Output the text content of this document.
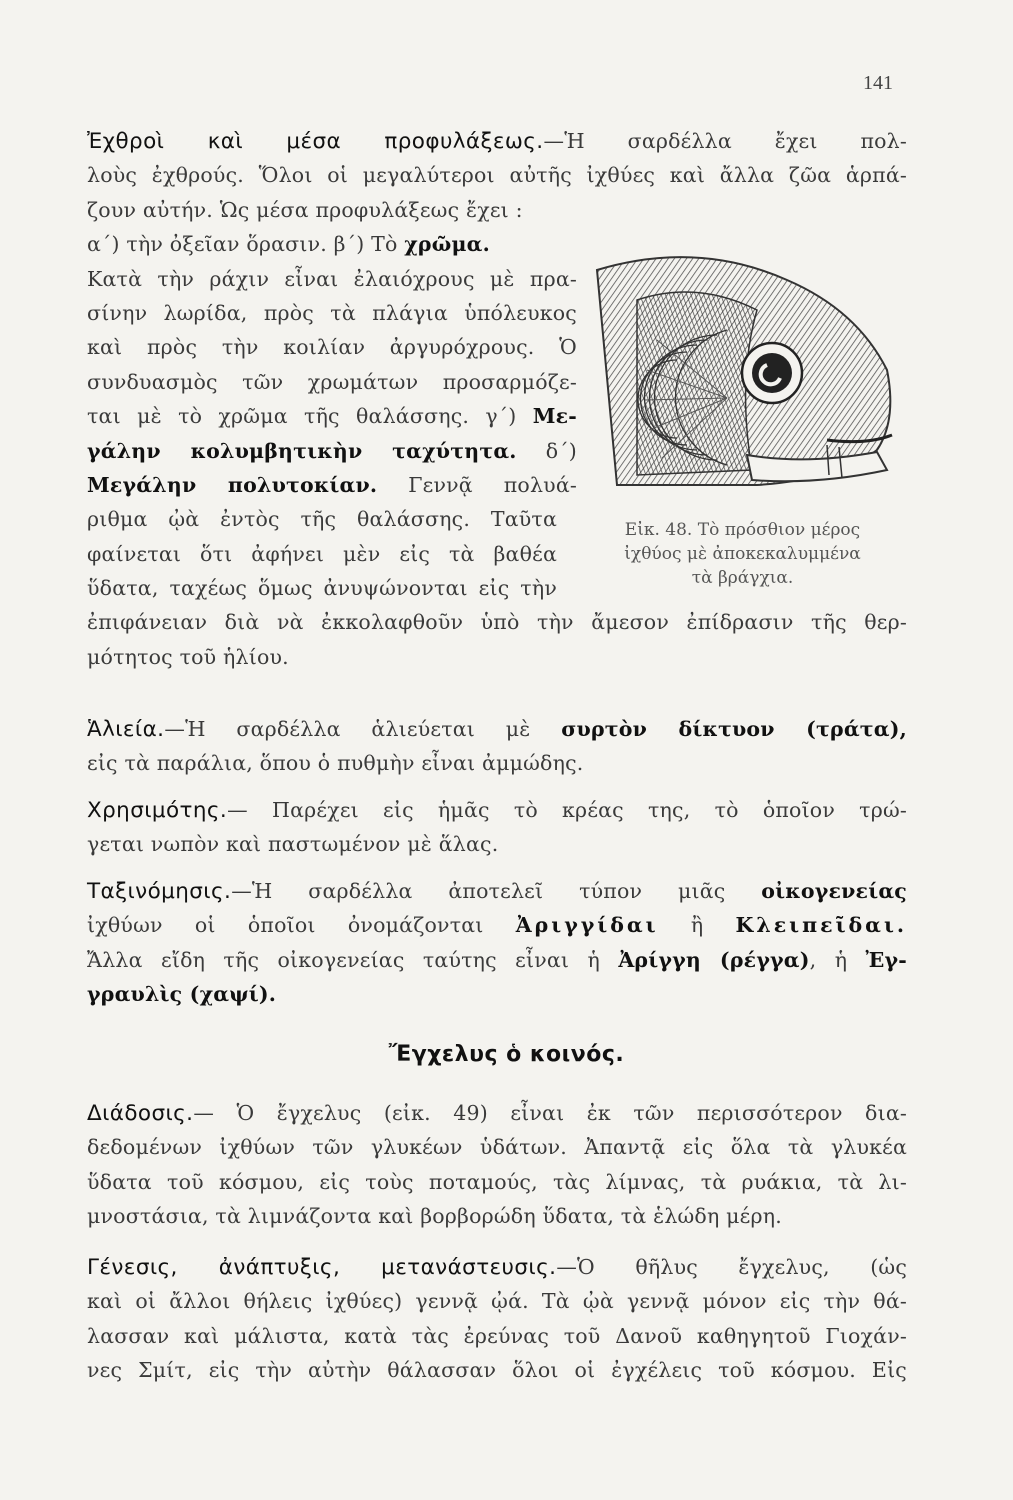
141
Ἐχθροὶ καὶ μέσα προφυλάξεως.—Ἡ σαρδέλλα ἔχει πολ-
λοὺς ἐχθρούς. Ὅλοι οἱ μεγαλύτεροι αὐτῆς ἰχθύες καὶ ἄλλα ζῶα ἁρπά-
ζουν αὐτήν. Ὡς μέσα προφυλάξεως ἔχει :
α΄) τὴν ὀξεῖαν ὅρασιν. β΄) Τὸ χρῶμα.
Κατὰ τὴν ράχιν εἶναι ἐλαιόχρους μὲ πρα-
σίνην λωρίδα, πρὸς τὰ πλάγια ὑπόλευκος
καὶ πρὸς τὴν κοιλίαν ἀργυρόχρους. Ὁ
συνδυασμὸς τῶν χρωμάτων προσαρμόζε-
ται μὲ τὸ χρῶμα τῆς θαλάσσης. γ΄) Με-
γάλην κολυμβητικὴν ταχύτητα. δ΄)
Μεγάλην πολυτοκίαν. Γεννᾷ πολυά-
ριθμα ᾠὰ ἐντὸς τῆς θαλάσσης. Ταῦτα
φαίνεται ὅτι ἀφήνει μὲν εἰς τὰ βαθέα
ὕδατα, ταχέως ὅμως ἀνυψώνονται εἰς τὴν
ἐπιφάνειαν διὰ νὰ ἐκκολαφθοῦν ὑπὸ τὴν ἄμεσον ἐπίδρασιν τῆς θερ-
μότητος τοῦ ἡλίου.
Εἰκ. 48. Τὸ πρόσθιον μέρος
ἰχθύος μὲ ἀποκεκαλυμμένα
τὰ βράγχια.
Ἁλιεία.—Ἡ σαρδέλλα ἁλιεύεται μὲ συρτὸν δίκτυον (τράτα),
εἰς τὰ παράλια, ὅπου ὁ πυθμὴν εἶναι ἀμμώδης.
Χρησιμότης.— Παρέχει εἰς ἡμᾶς τὸ κρέας της, τὸ ὁποῖον τρώ-
γεται νωπὸν καὶ παστωμένον μὲ ἅλας.
Ταξινόμησις.—Ἡ σαρδέλλα ἀποτελεῖ τύπον μιᾶς οἰκογενείας
ἰχθύων οἱ ὁποῖοι ὀνομάζονται Ἀριγγίδαι ἢ Κλειπεῖδαι.
Ἄλλα εἴδη τῆς οἰκογενείας ταύτης εἶναι ἡ Ἀρίγγη (ρέγγα), ἡ Ἐγ-
γραυλὶς (χαψί).
Ἔγχελυς ὁ κοινός.
Διάδοσις.— Ὁ ἔγχελυς (εἰκ. 49) εἶναι ἐκ τῶν περισσότερον δια-
δεδομένων ἰχθύων τῶν γλυκέων ὑδάτων. Ἀπαντᾷ εἰς ὅλα τὰ γλυκέα
ὕδατα τοῦ κόσμου, εἰς τοὺς ποταμούς, τὰς λίμνας, τὰ ρυάκια, τὰ λι-
μνοστάσια, τὰ λιμνάζοντα καὶ βορβορώδη ὕδατα, τὰ ἑλώδη μέρη.
Γένεσις, ἀνάπτυξις, μετανάστευσις.—Ὁ θῆλυς ἔγχελυς, (ὡς
καὶ οἱ ἄλλοι θήλεις ἰχθύες) γεννᾷ ᾠά. Τὰ ᾠὰ γεννᾷ μόνον εἰς τὴν θά-
λασσαν καὶ μάλιστα, κατὰ τὰς ἐρεύνας τοῦ Δανοῦ καθηγητοῦ Γιοχάν-
νες Σμίτ, εἰς τὴν αὐτὴν θάλασσαν ὅλοι οἱ ἐγχέλεις τοῦ κόσμου. Εἰς
